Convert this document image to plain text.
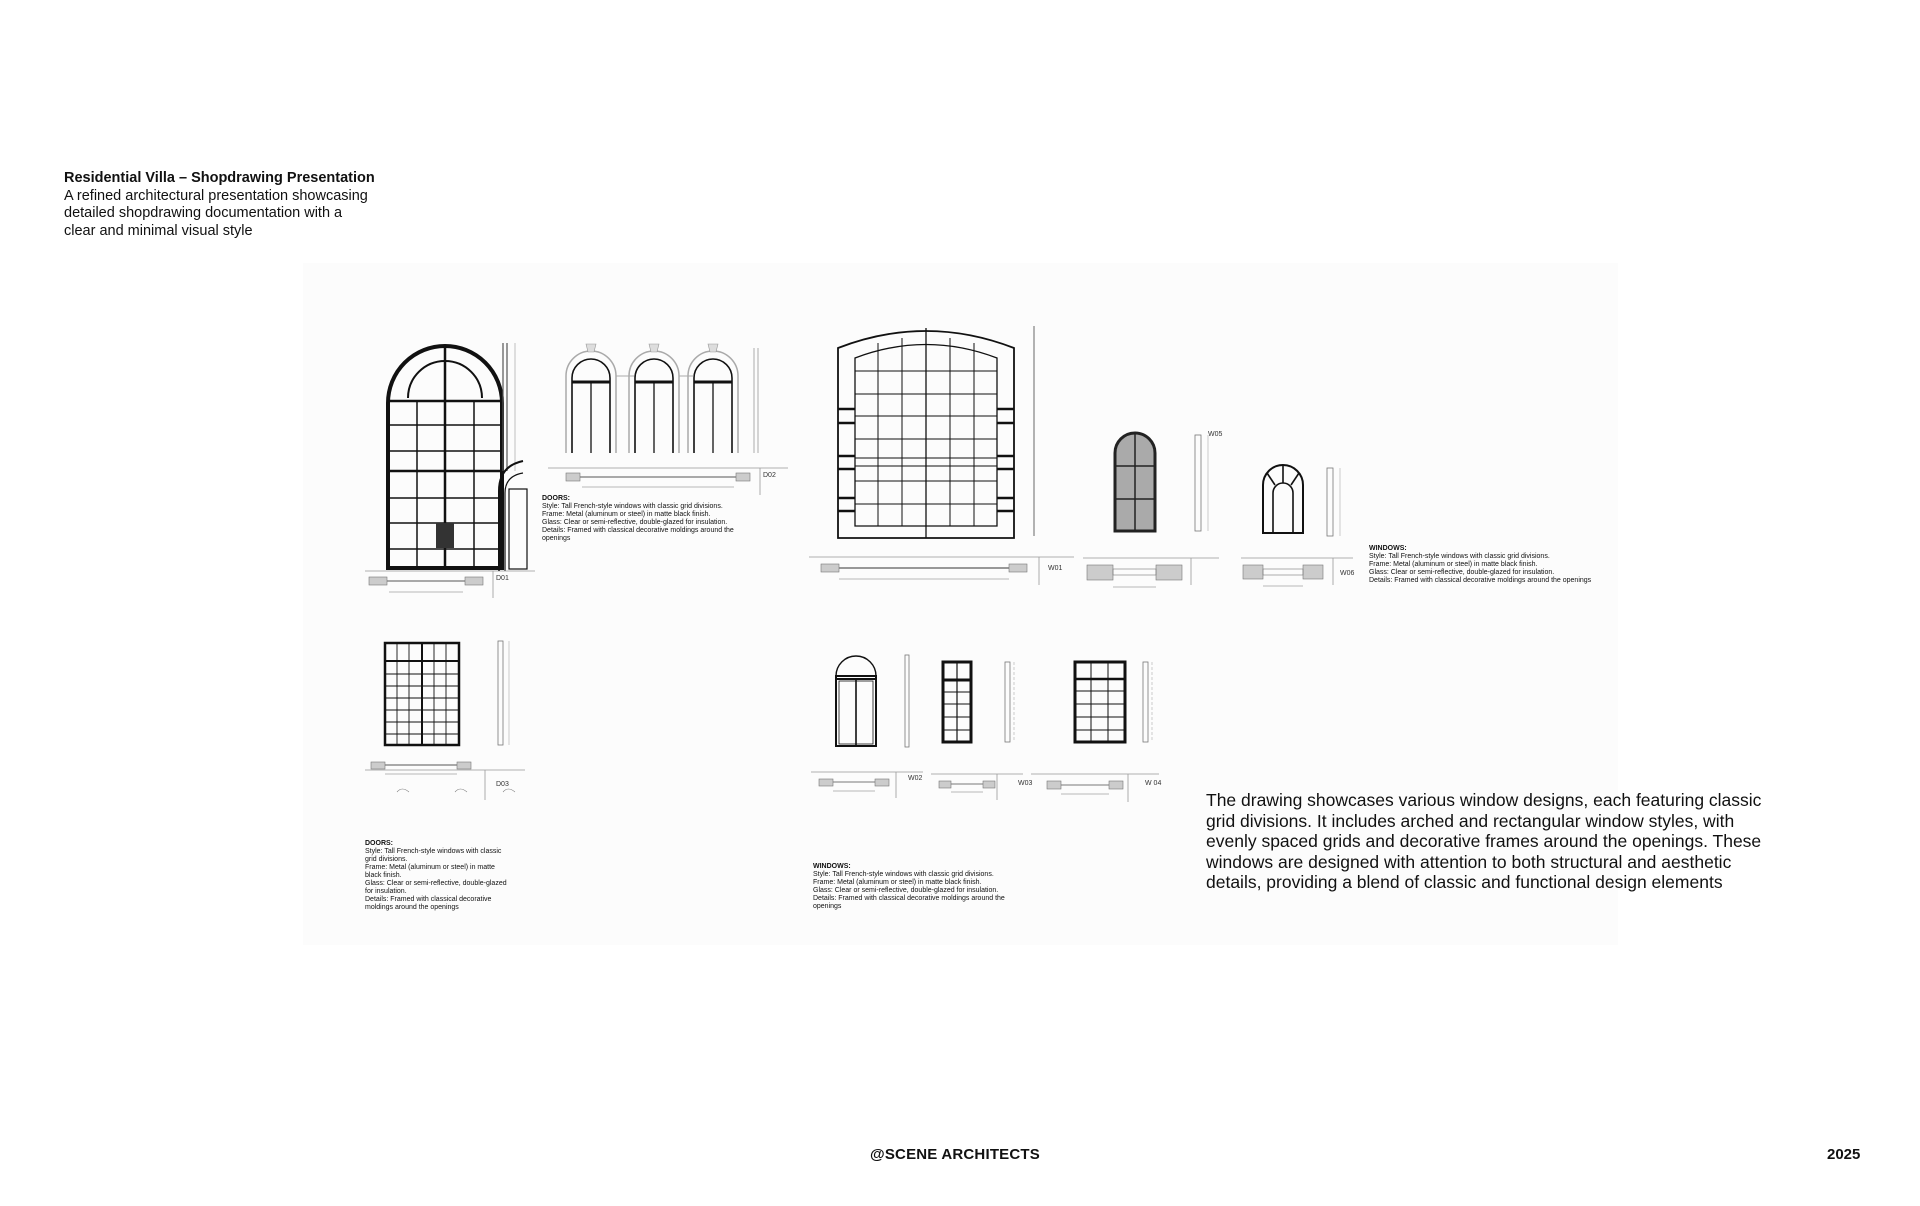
Residential Villa – Shopdrawing Presentation
A refined architectural presentation showcasing
detailed shopdrawing documentation with a
clear and minimal visual style
D01
D02
DOORS:
Style: Tall French-style windows with classic grid divisions.
Frame: Metal (aluminum or steel) in matte black finish.
Glass: Clear or semi-reflective, double-glazed for insulation.
Details: Framed with classical decorative moldings around the
openings
W01
W05
W06
WINDOWS:
Style: Tall French-style windows with classic grid divisions.
Frame: Metal (aluminum or steel) in matte black finish.
Glass: Clear or semi-reflective, double-glazed for insulation.
Details: Framed with classical decorative moldings around the openings
D03
DOORS:
Style: Tall French-style windows with classic
grid divisions.
Frame: Metal (aluminum or steel) in matte
black finish.
Glass: Clear or semi-reflective, double-glazed
for insulation.
Details: Framed with classical decorative
moldings around the openings
W02
W03	W 04
WINDOWS:
Style: Tall French-style windows with classic grid divisions.
Frame: Metal (aluminum or steel) in matte black finish.
Glass: Clear or semi-reflective, double-glazed for insulation.
Details: Framed with classical decorative moldings around the
openings
The drawing showcases various window designs, each featuring classic grid divisions. It includes arched and rectangular window styles, with evenly spaced grids and decorative frames around the openings. These windows are designed with attention to both structural and aesthetic details, providing a blend of classic and functional design elements
@SCENE ARCHITECTS	2025
